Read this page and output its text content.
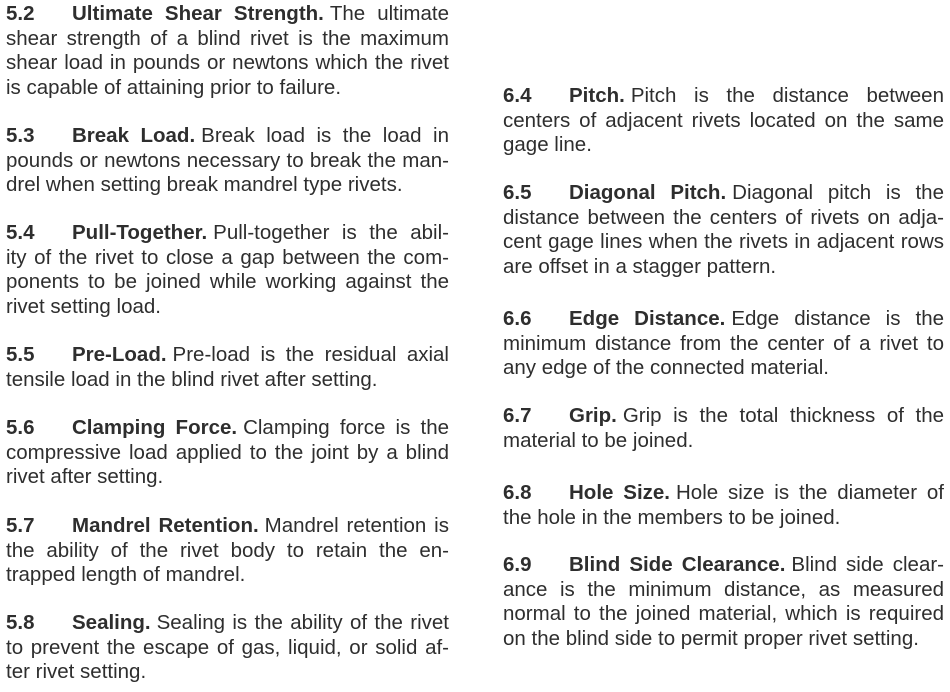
5.2 Ultimate Shear Strength. The ultimate shear strength of a blind rivet is the maximum shear load in pounds or newtons which the rivet is capable of attaining prior to failure.

5.3 Break Load. Break load is the load in pounds or newtons necessary to break the man-drel when setting break mandrel type rivets.

5.4 Pull-Together. Pull-together is the abil-ity of the rivet to close a gap between the com-ponents to be joined while working against the rivet setting load.

5.5 Pre-Load. Pre-load is the residual axial tensile load in the blind rivet after setting.

5.6 Clamping Force. Clamping force is the compressive load applied to the joint by a blind rivet after setting.

5.7 Mandrel Retention. Mandrel retention is the ability of the rivet body to retain the en-trapped length of mandrel.

5.8 Sealing. Sealing is the ability of the rivet to prevent the escape of gas, liquid, or solid af-ter rivet setting.

6.4 Pitch. Pitch is the distance between centers of adjacent rivets located on the same gage line.

6.5 Diagonal Pitch. Diagonal pitch is the distance between the centers of rivets on adja-cent gage lines when the rivets in adjacent rows are offset in a stagger pattern.

6.6 Edge Distance. Edge distance is the minimum distance from the center of a rivet to any edge of the connected material.

6.7 Grip. Grip is the total thickness of the material to be joined.

6.8 Hole Size. Hole size is the diameter of the hole in the members to be joined.

6.9 Blind Side Clearance. Blind side clear-ance is the minimum distance, as measured normal to the joined material, which is required on the blind side to permit proper rivet setting.
